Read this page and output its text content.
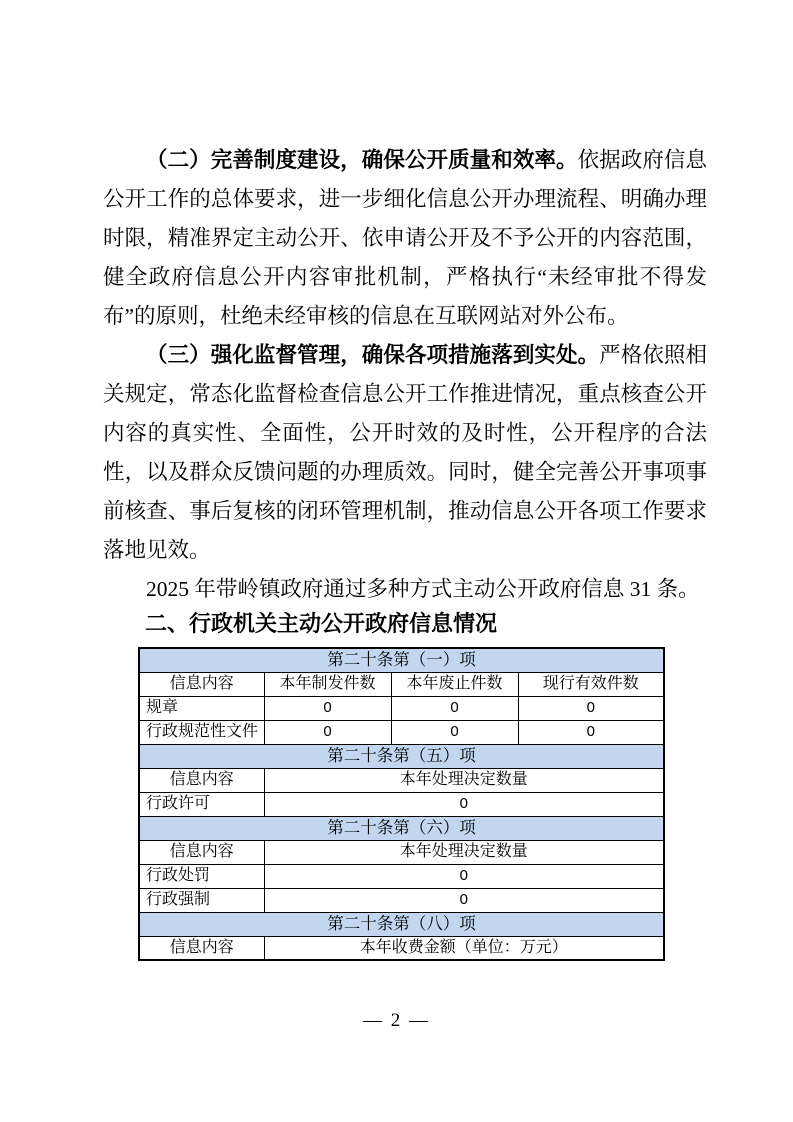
（二）完善制度建设，确保公开质量和效率。依据政府信息公开工作的总体要求，进一步细化信息公开办理流程、明确办理时限，精准界定主动公开、依申请公开及不予公开的内容范围，健全政府信息公开内容审批机制，严格执行“未经审批不得发布”的原则，杜绝未经审核的信息在互联网站对外公布。

（三）强化监督管理，确保各项措施落到实处。严格依照相关规定，常态化监督检查信息公开工作推进情况，重点核查公开内容的真实性、全面性，公开时效的及时性，公开程序的合法性，以及群众反馈问题的办理质效。同时，健全完善公开事项事前核查、事后复核的闭环管理机制，推动信息公开各项工作要求落地见效。

2025 年带岭镇政府通过多种方式主动公开政府信息 31 条。

二、行政机关主动公开政府信息情况
第二十条第（一）项			
信息内容	本年制发件数	本年废止件数	现行有效件数
规章	0	0	0
行政规范性文件	0	0	0
第二十条第（五）项			
信息内容	本年处理决定数量		
行政许可	0		
第二十条第（六）项			
信息内容	本年处理决定数量		
行政处罚	0		
行政强制	0		
第二十条第（八）项			
信息内容	本年收费金额（单位：万元）		
— 2 —
